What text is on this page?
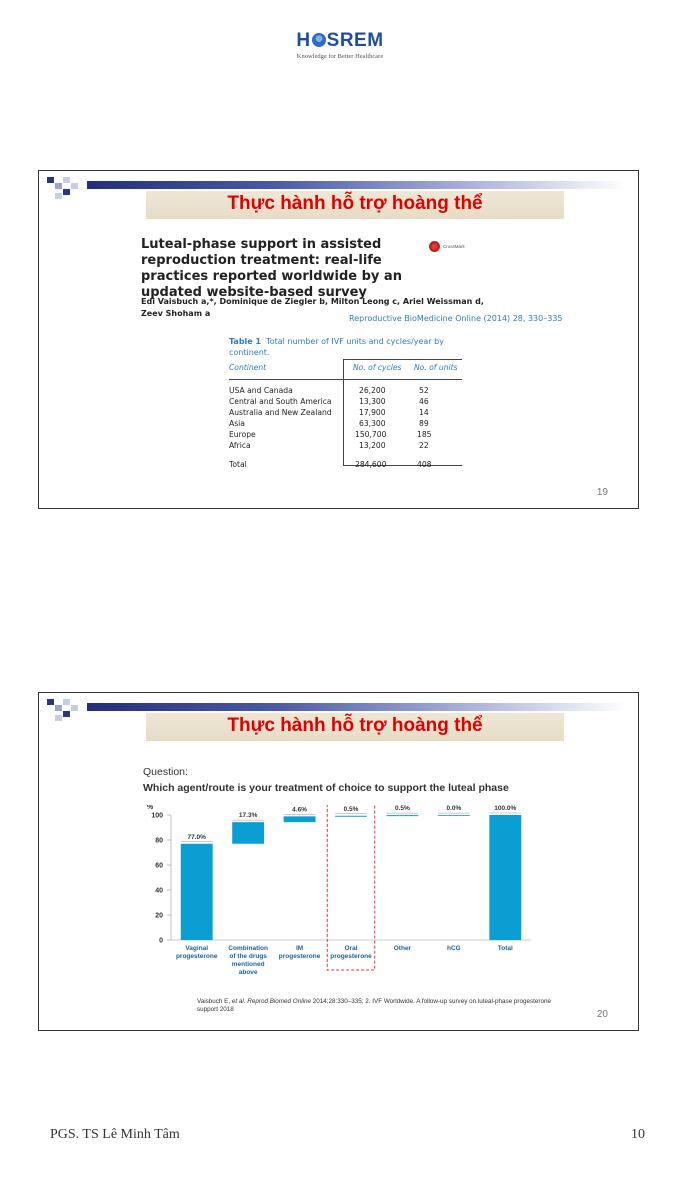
H SREM
Knowledge for Better Healthcare
Thực hành hỗ trợ hoàng thể
Luteal-phase support in assisted reproduction treatment: real-life practices reported worldwide by an updated website-based survey
CrossMark
Edi Vaisbuch a,*, Dominique de Ziegler b, Milton Leong c, Ariel Weissman d, Zeev Shoham a
Reproductive BioMedicine Online (2014) 28, 330–335
Table 1 Total number of IVF units and cycles/year by continent.
Continent	No. of cycles No. of units
USA and Canada	26,200	52
Central and South America	13,300	46
Australia and New Zealand	17,900	14
Asia	63,300	89
Europe	150,700	185
Africa	13,200	22
Total	284,600	408
19
Thực hành hỗ trợ hoàng thể
Question:
Which agent/route is your treatment of choice to support the luteal phase
%
0
20
40
60
80
100
77.0%
Vaginal
progesterone
17.3%
Combination
of the drugs
mentioned
above
4.6%
IM
progesterone
0.5%
Oral
progesterone
0.5%
Other
0.0%
hCG
100.0%
Total
Vaisbuch E, et al. Reprod Biomed Online 2014;28:330–335; 2. IVF Worldwide. A follow-up survey on luteal-phase progesterone support 2018	20
PGS. TS Lê Minh Tâm	10
